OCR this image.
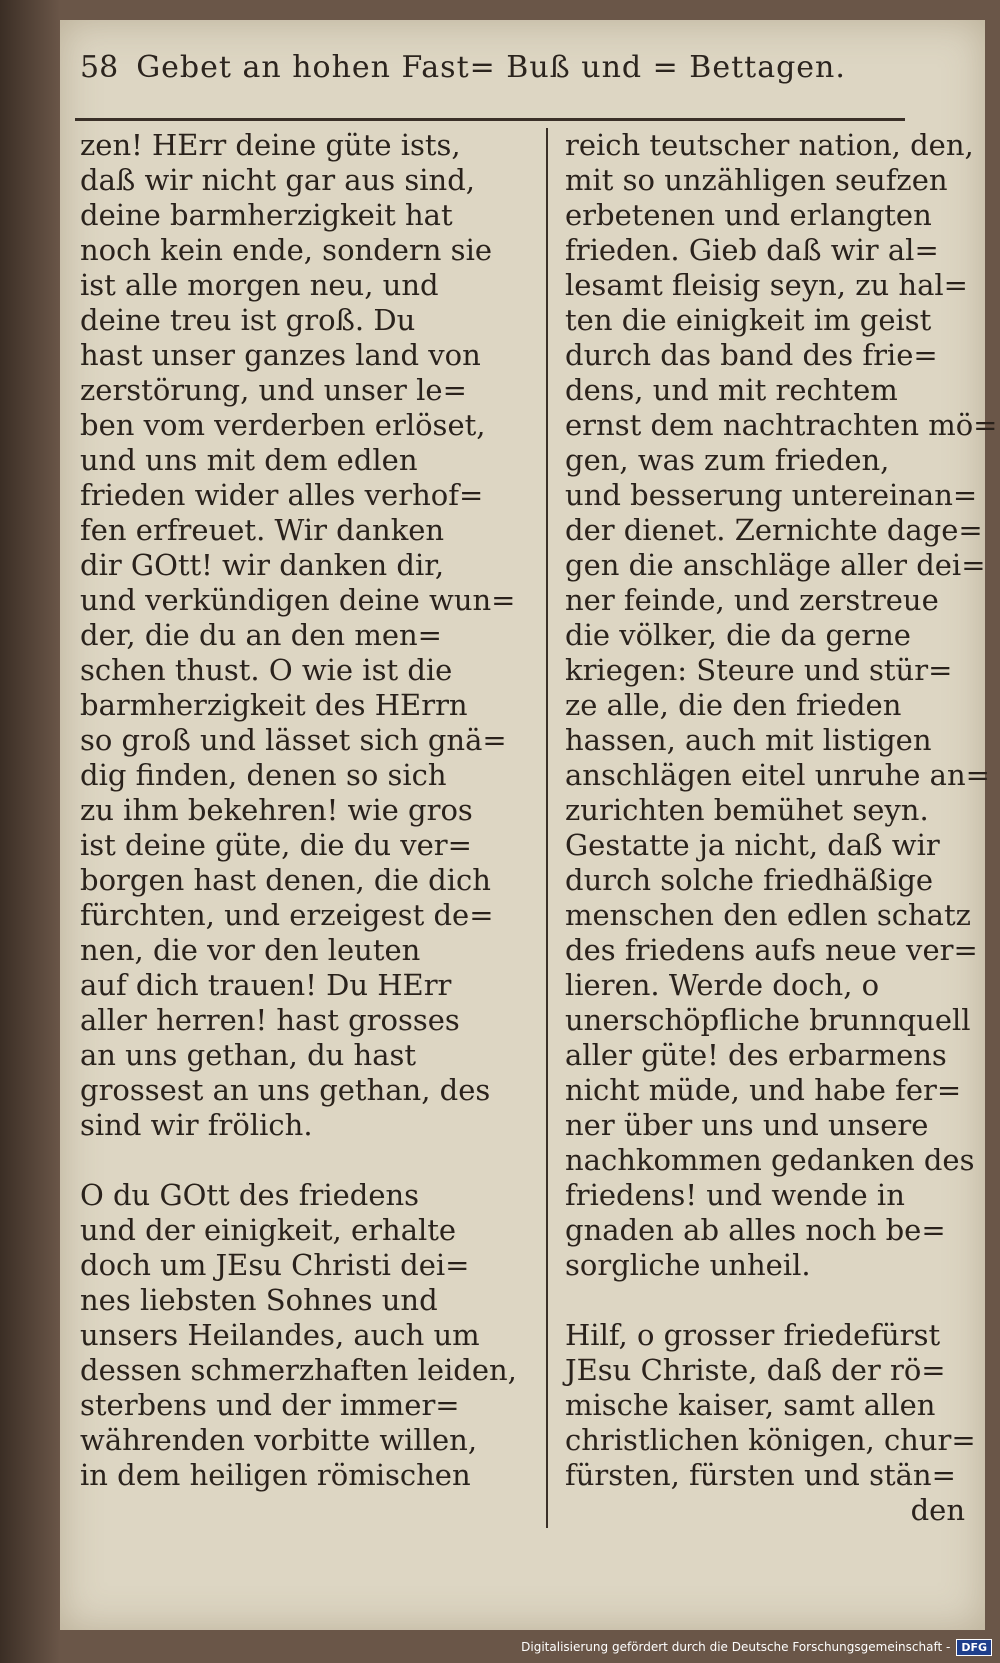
58 Gebet an hohen Fast= Buß und = Bettagen.
zen! HErr deine güte ists,
daß wir nicht gar aus sind,
deine barmherzigkeit hat
noch kein ende, sondern sie
ist alle morgen neu, und
deine treu ist groß. Du
hast unser ganzes land von
zerstörung, und unser le=
ben vom verderben erlöset,
und uns mit dem edlen
frieden wider alles verhof=
fen erfreuet. Wir danken
dir GOtt! wir danken dir,
und verkündigen deine wun=
der, die du an den men=
schen thust. O wie ist die
barmherzigkeit des HErrn
so groß und lässet sich gnä=
dig finden, denen so sich
zu ihm bekehren! wie gros
ist deine güte, die du ver=
borgen hast denen, die dich
fürchten, und erzeigest de=
nen, die vor den leuten
auf dich trauen! Du HErr
aller herren! hast grosses
an uns gethan, du hast
grossest an uns gethan, des
sind wir frölich.
O du GOtt des friedens
und der einigkeit, erhalte
doch um JEsu Christi dei=
nes liebsten Sohnes und
unsers Heilandes, auch um
dessen schmerzhaften leiden,
sterbens und der immer=
währenden vorbitte willen,
in dem heiligen römischen
reich teutscher nation, den,
mit so unzähligen seufzen
erbetenen und erlangten
frieden. Gieb daß wir al=
lesamt fleisig seyn, zu hal=
ten die einigkeit im geist
durch das band des frie=
dens, und mit rechtem
ernst dem nachtrachten mö=
gen, was zum frieden,
und besserung untereinan=
der dienet. Zernichte dage=
gen die anschläge aller dei=
ner feinde, und zerstreue
die völker, die da gerne
kriegen: Steure und stür=
ze alle, die den frieden
hassen, auch mit listigen
anschlägen eitel unruhe an=
zurichten bemühet seyn.
Gestatte ja nicht, daß wir
durch solche friedhäßige
menschen den edlen schatz
des friedens aufs neue ver=
lieren. Werde doch, o
unerschöpfliche brunnquell
aller güte! des erbarmens
nicht müde, und habe fer=
ner über uns und unsere
nachkommen gedanken des
friedens! und wende in
gnaden ab alles noch be=
sorgliche unheil.
Hilf, o grosser friedefürst
JEsu Christe, daß der rö=
mische kaiser, samt allen
christlichen königen, chur=
fürsten, fürsten und stän=
den
Digitalisierung gefördert durch die Deutsche Forschungsgemeinschaft -	DFG
